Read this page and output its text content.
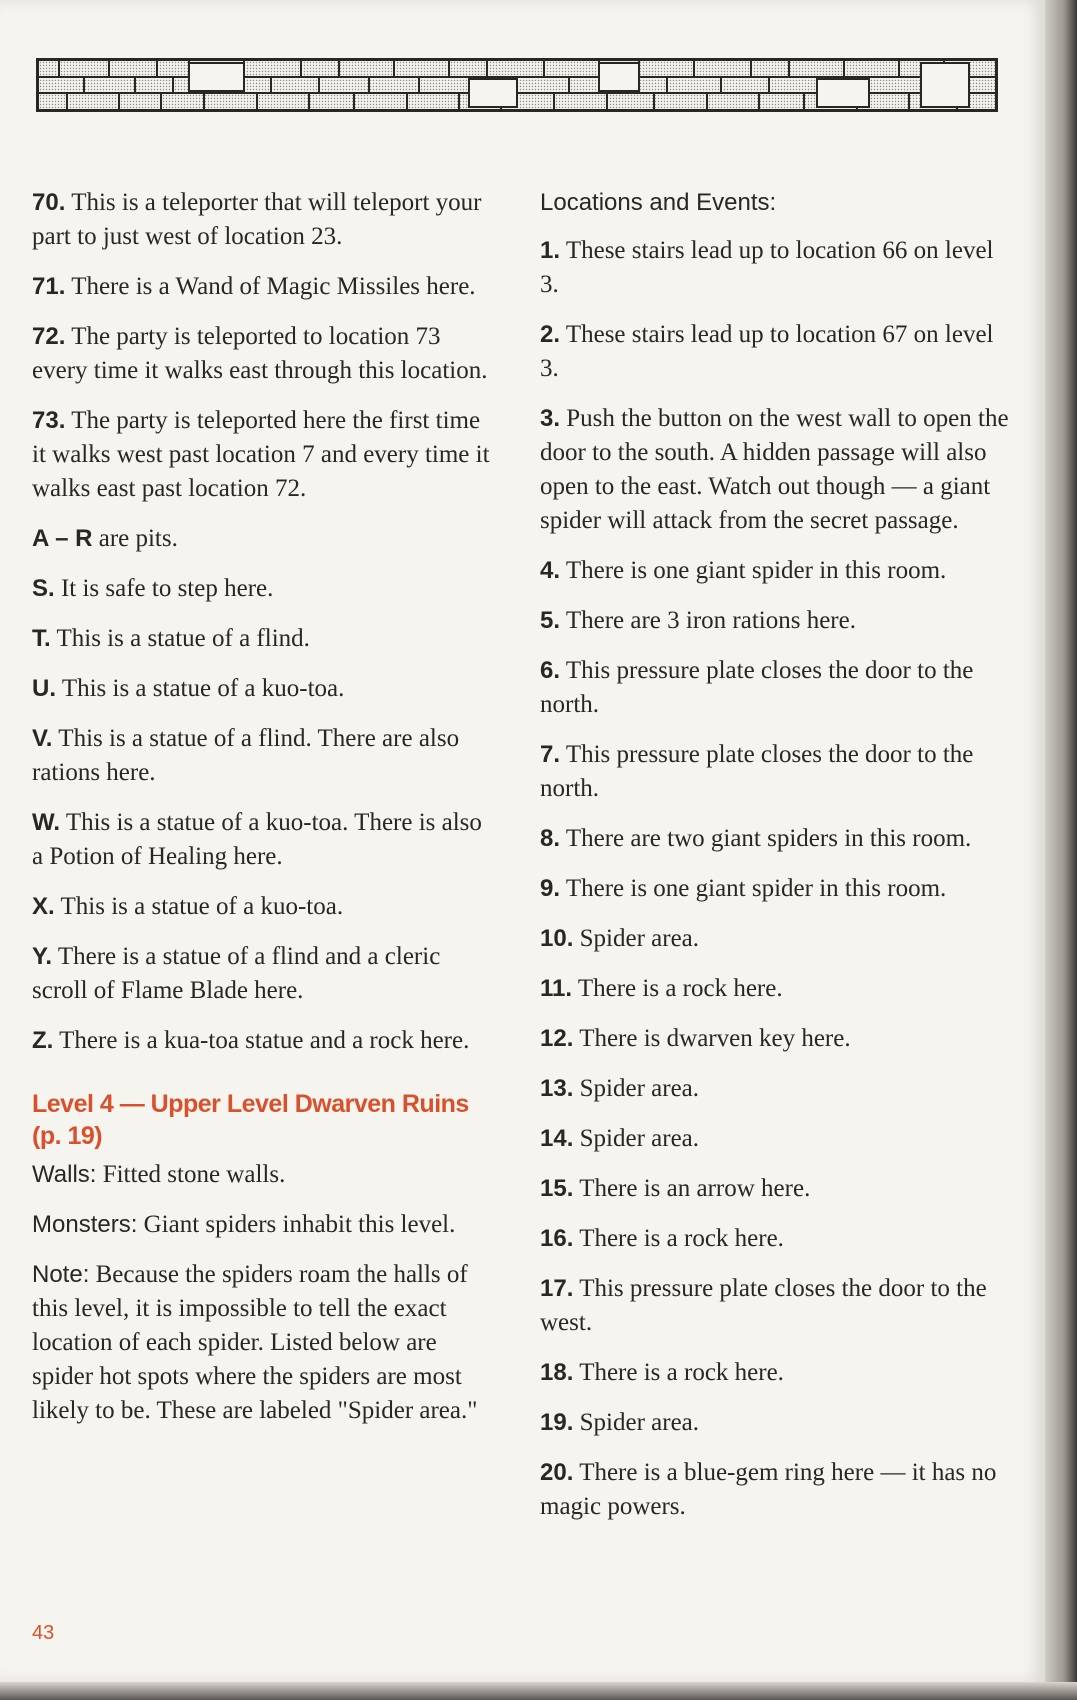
70. This is a teleporter that will teleport your part to just west of location 23.
71. There is a Wand of Magic Missiles here.
72. The party is teleported to location 73 every time it walks east through this location.
73. The party is teleported here the first time it walks west past location 7 and every time it walks east past location 72.
A – R are pits.
S. It is safe to step here.
T. This is a statue of a flind.
U. This is a statue of a kuo-toa.
V. This is a statue of a flind. There are also rations here.
W. This is a statue of a kuo-toa. There is also a Potion of Healing here.
X. This is a statue of a kuo-toa.
Y. There is a statue of a flind and a cleric scroll of Flame Blade here.
Z. There is a kua-toa statue and a rock here.
Level 4 — Upper Level Dwarven Ruins (p. 19)
Walls: Fitted stone walls.
Monsters: Giant spiders inhabit this level.
Note: Because the spiders roam the halls of this level, it is impossible to tell the exact location of each spider. Listed below are spider hot spots where the spiders are most likely to be. These are labeled "Spider area."
Locations and Events:
1. These stairs lead up to location 66 on level 3.
2. These stairs lead up to location 67 on level 3.
3. Push the button on the west wall to open the door to the south. A hidden passage will also open to the east. Watch out though — a giant spider will attack from the secret passage.
4. There is one giant spider in this room.
5. There are 3 iron rations here.
6. This pressure plate closes the door to the north.
7. This pressure plate closes the door to the north.
8. There are two giant spiders in this room.
9. There is one giant spider in this room.
10. Spider area.
11. There is a rock here.
12. There is dwarven key here.
13. Spider area.
14. Spider area.
15. There is an arrow here.
16. There is a rock here.
17. This pressure plate closes the door to the west.
18. There is a rock here.
19. Spider area.
20. There is a blue-gem ring here — it has no magic powers.
43
